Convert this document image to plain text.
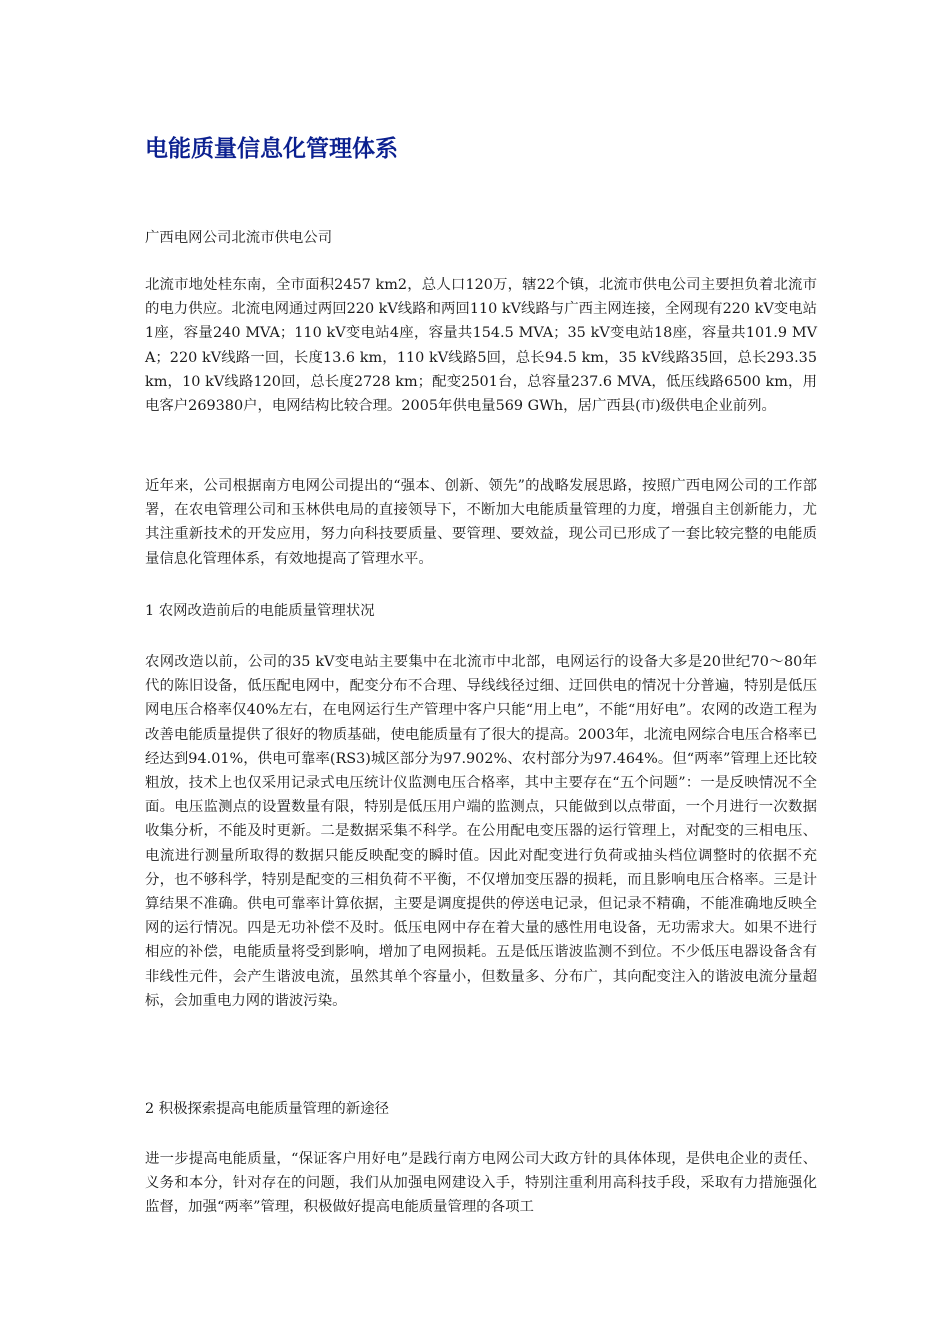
电能质量信息化管理体系

广西电网公司北流市供电公司

北流市地处桂东南，全市面积2457 km2，总人口120万，辖22个镇，北流市供电公司主要担负着北流市的电力供应。北流电网通过两回220 kV线路和两回110 kV线路与广西主网连接，全网现有220 kV变电站1座，容量240 MVA；110 kV变电站4座，容量共154.5 MVA；35 kV变电站18座，容量共101.9 MVA；220 kV线路一回，长度13.6 km，110 kV线路5回，总长94.5 km，35 kV线路35回，总长293.35 km，10 kV线路120回，总长度2728 km；配变2501台，总容量237.6 MVA，低压线路6500 km，用电客户269380户，电网结构比较合理。2005年供电量569 GWh，居广西县(市)级供电企业前列。

近年来，公司根据南方电网公司提出的“强本、创新、领先”的战略发展思路，按照广西电网公司的工作部署，在农电管理公司和玉林供电局的直接领导下，不断加大电能质量管理的力度，增强自主创新能力，尤其注重新技术的开发应用，努力向科技要质量、要管理、要效益，现公司已形成了一套比较完整的电能质量信息化管理体系，有效地提高了管理水平。

1 农网改造前后的电能质量管理状况

农网改造以前，公司的35 kV变电站主要集中在北流市中北部，电网运行的设备大多是20世纪70～80年代的陈旧设备，低压配电网中，配变分布不合理、导线线径过细、迂回供电的情况十分普遍，特别是低压网电压合格率仅40%左右，在电网运行生产管理中客户只能“用上电”，不能“用好电”。农网的改造工程为改善电能质量提供了很好的物质基础，使电能质量有了很大的提高。2003年，北流电网综合电压合格率已经达到94.01%，供电可靠率(RS3)城区部分为97.902%、农村部分为97.464%。但“两率”管理上还比较粗放，技术上也仅采用记录式电压统计仪监测电压合格率，其中主要存在“五个问题”：一是反映情况不全面。电压监测点的设置数量有限，特别是低压用户端的监测点，只能做到以点带面，一个月进行一次数据收集分析，不能及时更新。二是数据采集不科学。在公用配电变压器的运行管理上，对配变的三相电压、电流进行测量所取得的数据只能反映配变的瞬时值。因此对配变进行负荷或抽头档位调整时的依据不充分，也不够科学，特别是配变的三相负荷不平衡，不仅增加变压器的损耗，而且影响电压合格率。三是计算结果不准确。供电可靠率计算依据，主要是调度提供的停送电记录，但记录不精确，不能准确地反映全网的运行情况。四是无功补偿不及时。低压电网中存在着大量的感性用电设备，无功需求大。如果不进行相应的补偿，电能质量将受到影响，增加了电网损耗。五是低压谐波监测不到位。不少低压电器设备含有非线性元件，会产生谐波电流，虽然其单个容量小，但数量多、分布广，其向配变注入的谐波电流分量超标，会加重电力网的谐波污染。

2 积极探索提高电能质量管理的新途径

进一步提高电能质量，“保证客户用好电”是践行南方电网公司大政方针的具体体现，是供电企业的责任、义务和本分，针对存在的问题，我们从加强电网建设入手，特别注重利用高科技手段，采取有力措施强化监督，加强“两率”管理，积极做好提高电能质量管理的各项工
